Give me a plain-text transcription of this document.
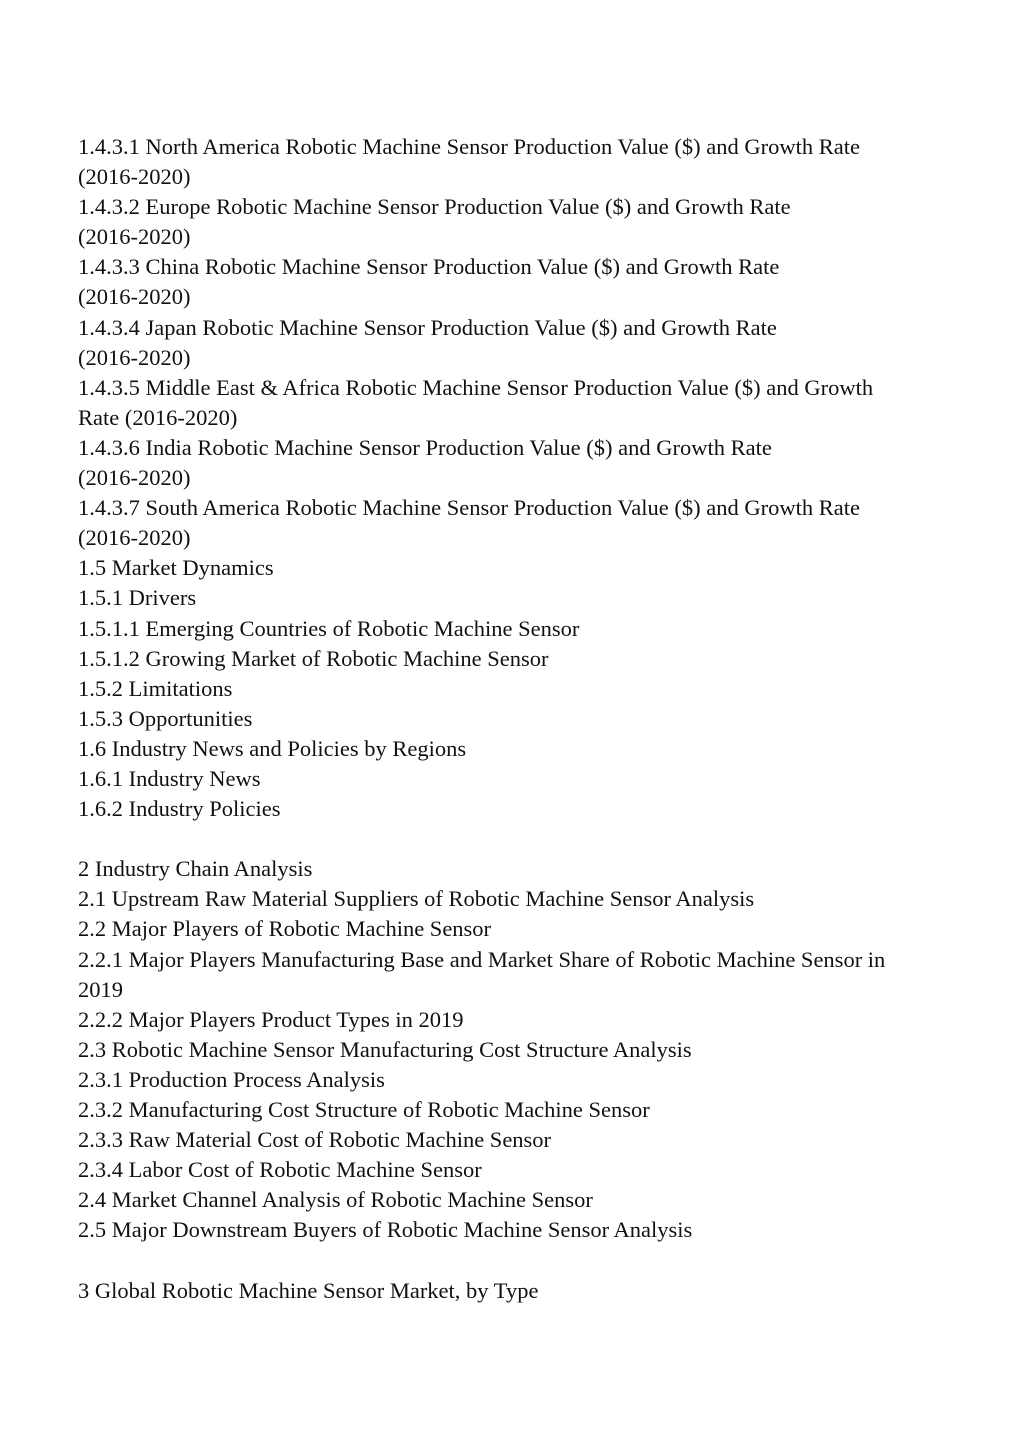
1.4.3.1 North America Robotic Machine Sensor Production Value ($) and Growth Rate
(2016-2020)
1.4.3.2 Europe Robotic Machine Sensor Production Value ($) and Growth Rate
(2016-2020)
1.4.3.3 China Robotic Machine Sensor Production Value ($) and Growth Rate
(2016-2020)
1.4.3.4 Japan Robotic Machine Sensor Production Value ($) and Growth Rate
(2016-2020)
1.4.3.5 Middle East & Africa Robotic Machine Sensor Production Value ($) and Growth
Rate (2016-2020)
1.4.3.6 India Robotic Machine Sensor Production Value ($) and Growth Rate
(2016-2020)
1.4.3.7 South America Robotic Machine Sensor Production Value ($) and Growth Rate
(2016-2020)
1.5 Market Dynamics
1.5.1 Drivers
1.5.1.1 Emerging Countries of Robotic Machine Sensor
1.5.1.2 Growing Market of Robotic Machine Sensor
1.5.2 Limitations
1.5.3 Opportunities
1.6 Industry News and Policies by Regions
1.6.1 Industry News
1.6.2 Industry Policies
2 Industry Chain Analysis
2.1 Upstream Raw Material Suppliers of Robotic Machine Sensor Analysis
2.2 Major Players of Robotic Machine Sensor
2.2.1 Major Players Manufacturing Base and Market Share of Robotic Machine Sensor in
2019
2.2.2 Major Players Product Types in 2019
2.3 Robotic Machine Sensor Manufacturing Cost Structure Analysis
2.3.1 Production Process Analysis
2.3.2 Manufacturing Cost Structure of Robotic Machine Sensor
2.3.3 Raw Material Cost of Robotic Machine Sensor
2.3.4 Labor Cost of Robotic Machine Sensor
2.4 Market Channel Analysis of Robotic Machine Sensor
2.5 Major Downstream Buyers of Robotic Machine Sensor Analysis
3 Global Robotic Machine Sensor Market, by Type
